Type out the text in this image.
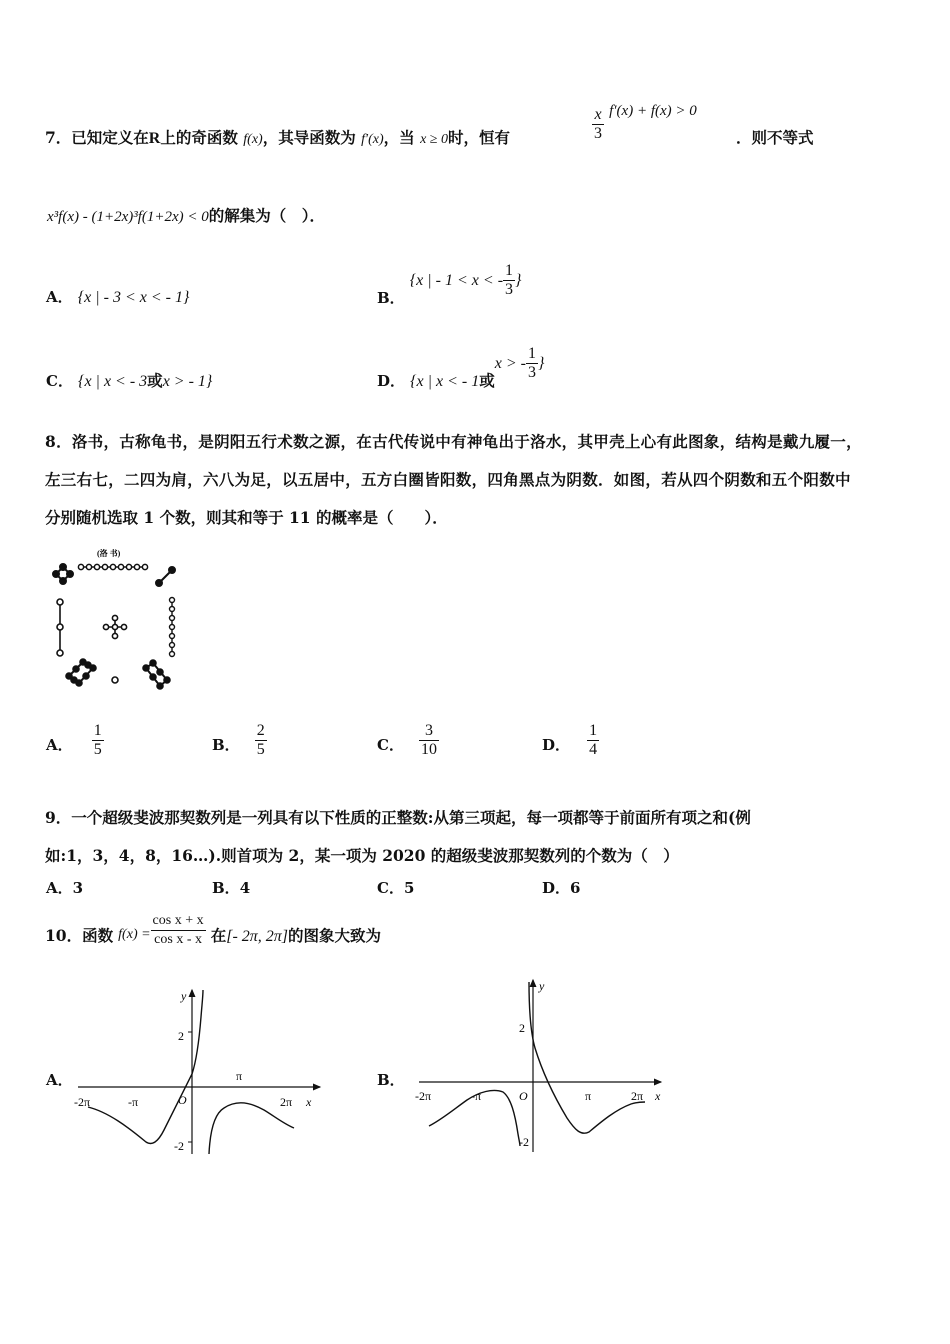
7．已知定义在R上的奇函数 f(x)，其导函数为 f′(x)，当 x ≥ 0时，恒有	$\frac{x}{3} f'(x) + f(x) > 0$
．则不等式
x³f(x) - (1+2x)³f(1+2x) < 0的解集为（　）．
A． {x | - 3 < x < - 1}	B． {x | - 1 < x < - $\frac{1}{3}$ }
C． {x | x < - 3或x > - 1}	D． {x | x < - 1或x > - $\frac{1}{3}$ }
8．洛书，古称龟书，是阴阳五行术数之源，在古代传说中有神龟出于洛水，其甲壳上心有此图象，结构是戴九履一，
左三右七，二四为肩，六八为足，以五居中，五方白圈皆阳数，四角黑点为阴数．如图，若从四个阴数和五个阳数中
分别随机选取 1 个数，则其和等于 11 的概率是（　　）．
(洛 书)
A． $\frac{1}{5}$	B． $\frac{2}{5}$	C． $\frac{3}{10}$	D． $\frac{1}{4}$
9．一个超级斐波那契数列是一列具有以下性质的正整数:从第三项起，每一项都等于前面所有项之和(例
如:1，3，4，8，16…).则首项为 2，某一项为 2020 的超级斐波那契数列的个数为（　）
A．3	B．4	C．5	D．6
10．函数 $f(x) = \frac{\text{cos x + x}}{\text{cos x - x}}$ 在[- 2π, 2π]的图象大致为
A．
y
x
O
2
-2
-2π	-π
π
2π
B．
y
x
O
2
-2
-2π	-π	π	2π
